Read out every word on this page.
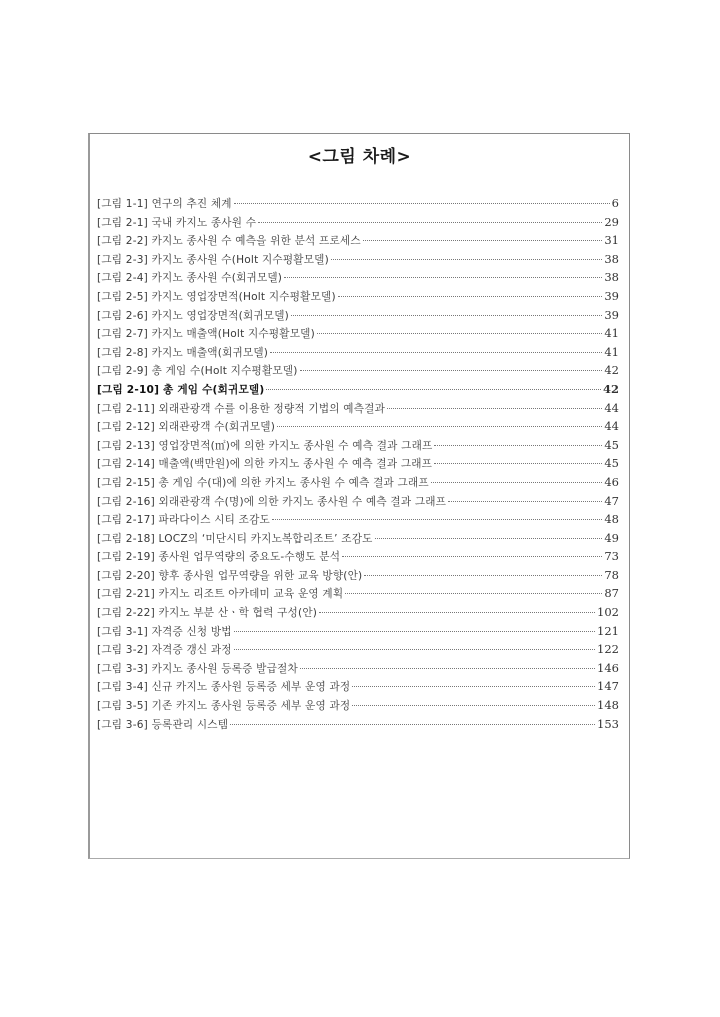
<그림 차례>
[그림 1-1] 연구의 추진 체계	6
[그림 2-1] 국내 카지노 종사원 수	29
[그림 2-2] 카지노 종사원 수 예측을 위한 분석 프로세스	31
[그림 2-3] 카지노 종사원 수(Holt 지수평활모델)	38
[그림 2-4] 카지노 종사원 수(회귀모델)	38
[그림 2-5] 카지노 영업장면적(Holt 지수평활모델)	39
[그림 2-6] 카지노 영업장면적(회귀모델)	39
[그림 2-7] 카지노 매출액(Holt 지수평활모델)	41
[그림 2-8] 카지노 매출액(회귀모델)	41
[그림 2-9] 총 게임 수(Holt 지수평활모델)	42
[그림 2-10] 총 게임 수(회귀모델)	42
[그림 2-11] 외래관광객 수를 이용한 정량적 기법의 예측결과	44
[그림 2-12] 외래관광객 수(회귀모델)	44
[그림 2-13] 영업장면적(㎡)에 의한 카지노 종사원 수 예측 결과 그래프	45
[그림 2-14] 매출액(백만원)에 의한 카지노 종사원 수 예측 결과 그래프	45
[그림 2-15] 총 게임 수(대)에 의한 카지노 종사원 수 예측 결과 그래프	46
[그림 2-16] 외래관광객 수(명)에 의한 카지노 종사원 수 예측 결과 그래프	47
[그림 2-17] 파라다이스 시티 조감도	48
[그림 2-18] LOCZ의 ‘미단시티 카지노복합리조트’ 조감도	49
[그림 2-19] 종사원 업무역량의 중요도-수행도 분석	73
[그림 2-20] 향후 종사원 업무역량을 위한 교육 방향(안)	78
[그림 2-21] 카지노 리조트 아카데미 교육 운영 계획	87
[그림 2-22] 카지노 부분 산ㆍ학 협력 구성(안)	102
[그림 3-1] 자격증 신청 방법	121
[그림 3-2] 자격증 갱신 과정	122
[그림 3-3] 카지노 종사원 등록증 발급절차	146
[그림 3-4] 신규 카지노 종사원 등록증 세부 운영 과정	147
[그림 3-5] 기존 카지노 종사원 등록증 세부 운영 과정	148
[그림 3-6] 등록관리 시스템	153
